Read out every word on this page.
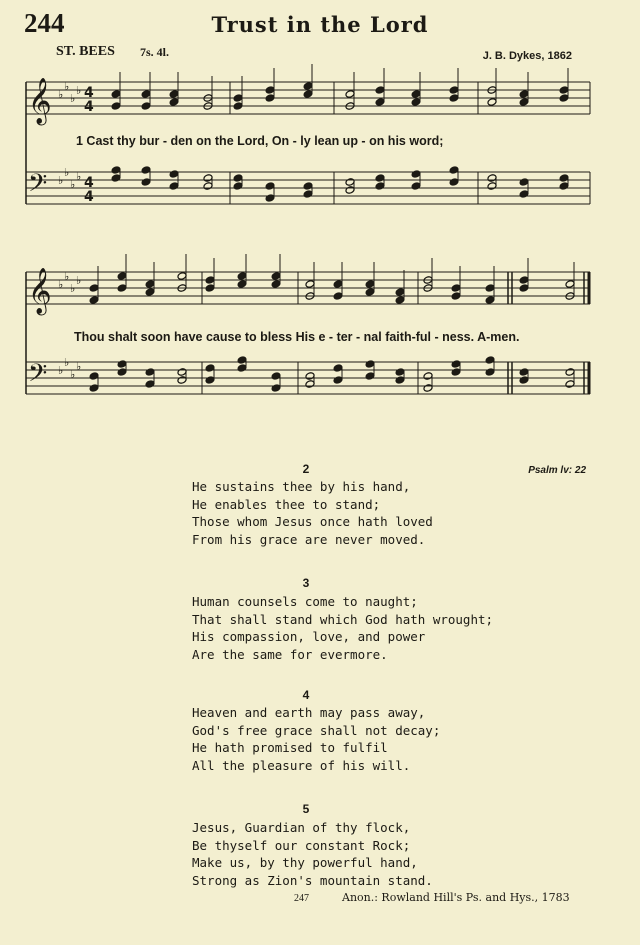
244	Trust in the Lord
ST. BEES 7s. 4l.	J. B. Dykes, 1862
𝄞
𝄢
♭
♭
♭
♭
♭
♭
♭
♭
4
4
4
4
1 Cast thy bur - den on the Lord, On - ly lean up - on his word;
𝄞
𝄢
♭
♭
♭
♭
♭
♭
♭
♭
Thou shalt soon have cause to bless His e - ter - nal faith-ful - ness. A-men.
Psalm lv: 22
2
He sustains thee by his hand,
He enables thee to stand;
Those whom Jesus once hath loved
From his grace are never moved.
3
Human counsels come to naught;
That shall stand which God hath wrought;
His compassion, love, and power
Are the same for evermore.
4
Heaven and earth may pass away,
God's free grace shall not decay;
He hath promised to fulfil
All the pleasure of his will.
5
Jesus, Guardian of thy flock,
Be thyself our constant Rock;
Make us, by thy powerful hand,
Strong as Zion's mountain stand.
247	Anon.: Rowland Hill's Ps. and Hys., 1783
